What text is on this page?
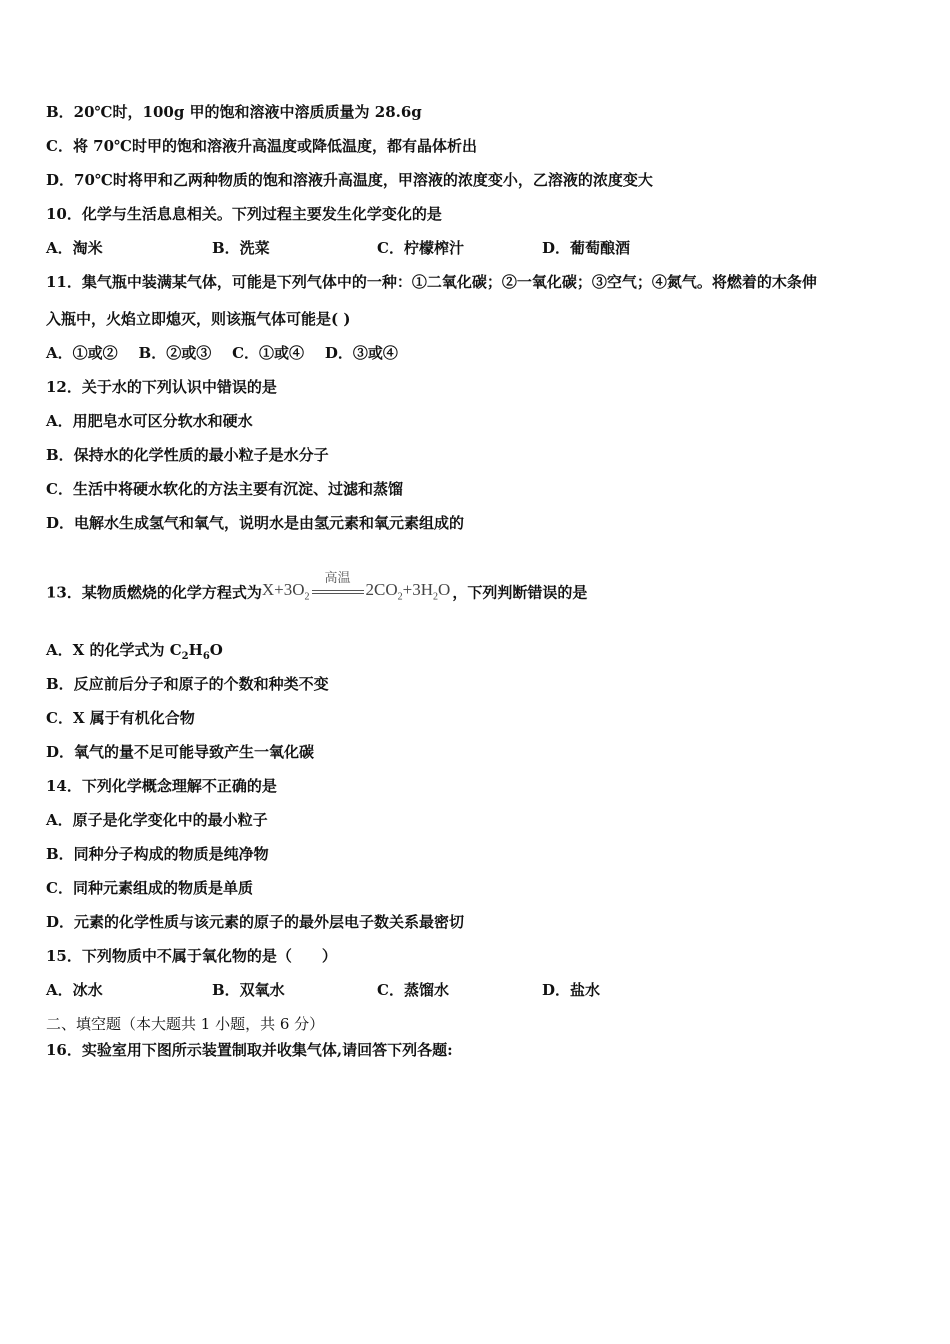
B．20℃时，100g 甲的饱和溶液中溶质质量为 28.6g
C．将 70℃时甲的饱和溶液升高温度或降低温度，都有晶体析出
D．70℃时将甲和乙两种物质的饱和溶液升高温度，甲溶液的浓度变小，乙溶液的浓度变大
10．化学与生活息息相关。下列过程主要发生化学变化的是
A．淘米	B．洗菜	C．柠檬榨汁	D．葡萄酿酒
11．集气瓶中装满某气体，可能是下列气体中的一种：①二氧化碳；②一氧化碳；③空气；④氮气。将燃着的木条伸
入瓶中，火焰立即熄灭，则该瓶气体可能是( )
A．①或②    B．②或③    C．①或④    D．③或④
12．关于水的下列认识中错误的是
A．用肥皂水可区分软水和硬水
B．保持水的化学性质的最小粒子是水分子
C．生活中将硬水软化的方法主要有沉淀、过滤和蒸馏
D．电解水生成氢气和氧气，说明水是由氢元素和氧元素组成的
13．某物质燃烧的化学方程式为$X+3O_2$
高温
$2CO_2+3H_2O$ ，下列判断错误的是
A．X 的化学式为 $C_2H_6O$
B．反应前后分子和原子的个数和种类不变
C．X 属于有机化合物
D．氧气的量不足可能导致产生一氧化碳
14．下列化学概念理解不正确的是
A．原子是化学变化中的最小粒子
B．同种分子构成的物质是纯净物
C．同种元素组成的物质是单质
D．元素的化学性质与该元素的原子的最外层电子数关系最密切
15．下列物质中不属于氧化物的是（　　）
A．冰水	B．双氧水	C．蒸馏水	D．盐水
二、填空题（本大题共 1 小题，共 6 分）
16．实验室用下图所示装置制取并收集气体,请回答下列各题:
